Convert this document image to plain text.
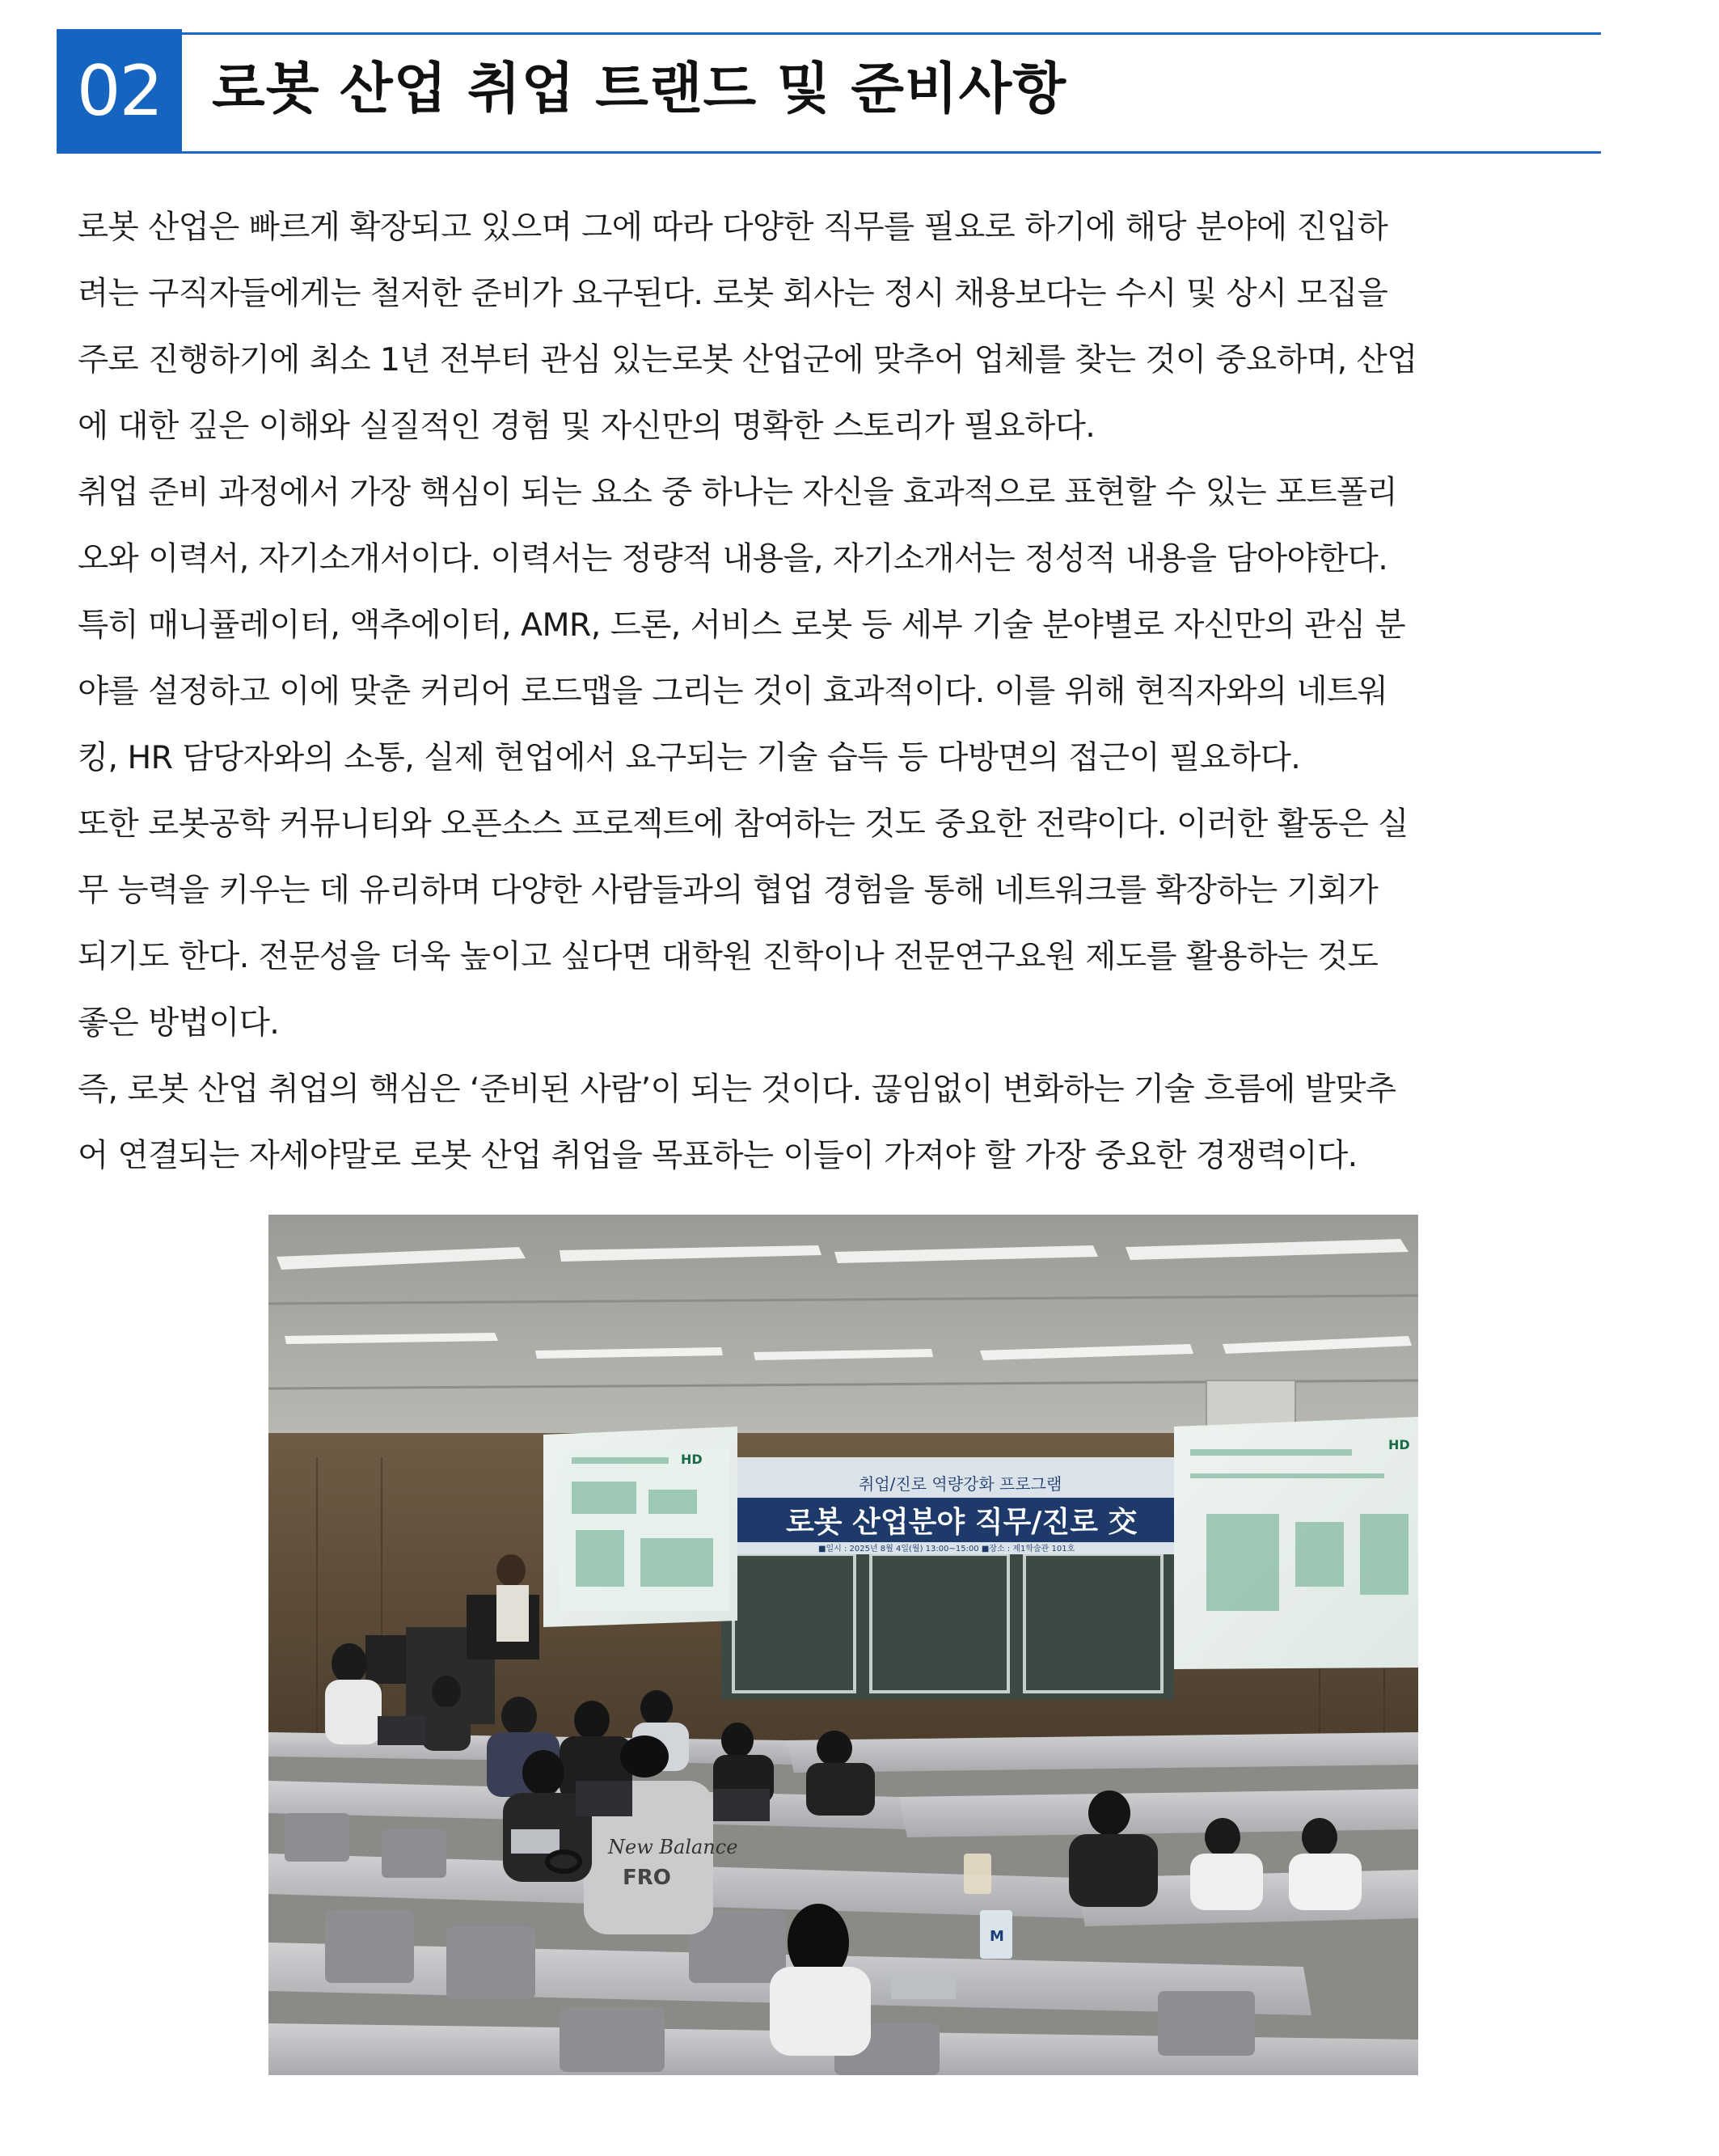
02 로봇 산업 취업 트랜드 및 준비사항
로봇 산업은 빠르게 확장되고 있으며 그에 따라 다양한 직무를 필요로 하기에 해당 분야에 진입하
려는 구직자들에게는 철저한 준비가 요구된다. 로봇 회사는 정시 채용보다는 수시 및 상시 모집을
주로 진행하기에 최소 1년 전부터 관심 있는로봇 산업군에 맞추어 업체를 찾는 것이 중요하며, 산업
에 대한 깊은 이해와 실질적인 경험 및 자신만의 명확한 스토리가 필요하다.
취업 준비 과정에서 가장 핵심이 되는 요소 중 하나는 자신을 효과적으로 표현할 수 있는 포트폴리
오와 이력서, 자기소개서이다. 이력서는 정량적 내용을, 자기소개서는 정성적 내용을 담아야한다.
특히 매니퓰레이터, 액추에이터, AMR, 드론, 서비스 로봇 등 세부 기술 분야별로 자신만의 관심 분
야를 설정하고 이에 맞춘 커리어 로드맵을 그리는 것이 효과적이다. 이를 위해 현직자와의 네트워
킹, HR 담당자와의 소통, 실제 현업에서 요구되는 기술 습득 등 다방면의 접근이 필요하다.
또한 로봇공학 커뮤니티와 오픈소스 프로젝트에 참여하는 것도 중요한 전략이다. 이러한 활동은 실
무 능력을 키우는 데 유리하며 다양한 사람들과의 협업 경험을 통해 네트워크를 확장하는 기회가
되기도 한다. 전문성을 더욱 높이고 싶다면 대학원 진학이나 전문연구요원 제도를 활용하는 것도
좋은 방법이다.
즉, 로봇 산업 취업의 핵심은 ‘준비된 사람’이 되는 것이다. 끊임없이 변화하는 기술 흐름에 발맞추
어 연결되는 자세야말로 로봇 산업 취업을 목표하는 이들이 가져야 할 가장 중요한 경쟁력이다.
취업/진로 역량강화 프로그램
로봇 산업분야 직무/진로 交
■일시 : 2025년 8월 4일(월) 13:00~15:00 ■장소 : 제1학술관 101호
HD
HD
New Balance
FRO
M
